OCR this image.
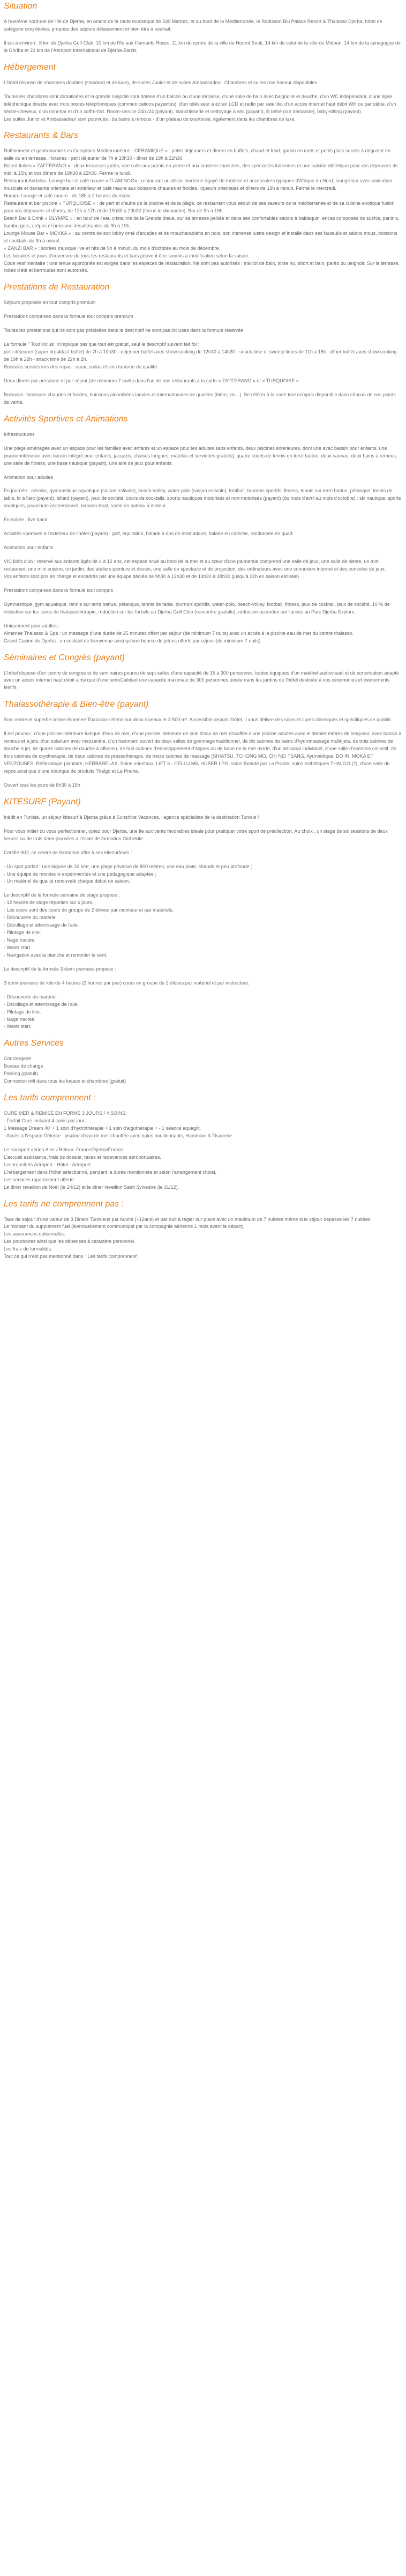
Situation

A l'extrême nord-est de l'île de Djerba, en amont de la route touristique de Sidi Mahrez, et au bord de la Méditerranée, le Radisson Blu Palace Resort & Thalasso Djerba, hôtel de catégorie cinq étoiles, propose des séjours délassement et bien être à souhait.

Il est à environ : 8 km du Djerba Golf Club, 10 km de l'île aux Flamants Roses, 11 km du centre de la ville de Houmt Souk, 14 km de celui de la ville de Midoun, 14 km de la synagogue de la Ghriba et 22 km de l'Aéroport International de Djerba-Zarzis

Hébergement

L'hôtel dispose de chambres doubles (standard et de luxe), de suites Junior et de suites Ambassadeur. Chambres et suites non fumeur disponibles.

Toutes les chambres sont climatisées et la grande majorité sont dotées d'un balcon ou d'une terrasse, d'une salle de bain avec baignoire et douche, d'un WC indépendant, d'une ligne téléphonique directe avec trois postes téléphoniques (communications payantes), d'un téléviseur à écran LCD et radio par satellite, d'un accès internet haut débit Wifi ou par câble, d'un sèche-cheveux, d'un mini-bar et d'un coffre-fort. Room-service 24h /24 (payant), blanchisserie et nettoyage à sec (payant), lit bébé (sur demande), baby-sitting (payant).
Les suites Junior et Ambassadeur sont pourvues : de bains à remous - d'un plateau de courtoisie, également dans les chambres de luxe.

Restaurants & Bars

Raffinement et gastronomie Les Comptoirs Méditerranéens - CERAMIQUE » : petits déjeuners et dîners en buffets, chaud et froid, garnis en mets et petits plats sucrés à déguster en salle ou en terrasse. Horaires : petit déjeuner de 7h à 10h30 - dîner de 19h à 22h30.
Bistrot Italien « ZAFFERANO » : deux terrasses jardin, une salle aux parois en pierre et aux lumières tamisées, des spécialités italiennes et une cuisine diététique pour vos déjeuners de midi à 15h, et vos dîners de 19h30 à 22h30. Fermé le lundi.
Restaurant Andalou, Lounge bar et café maure « FLAMINGO» : restaurant au décor moderne égayé de mobilier et accessoires typiques d'Afrique du Nord, lounge bar avec animation musicale et dansante orientale en extérieur et café maure aux boissons chaudes et froides, liqueurs orientales et dîners de 19h à minuit. Fermé le mercredi.
Horaire Lounge et café maure : de 18h à 2 heures du matin.
Restaurant et bar piscine « TURQUOISE » : de part et d'autre de la piscine et de la plage, ce restaurant vous séduit de ses saveurs de la méditerranée et de sa cuisine exotique fusion pour vos déjeuners et dîners, de 12h à 17h et de 19h30 à 23h30 (fermé le dimanche). Bar de 9h à 19h.
Beach Bar & Drink « OLYMPE » : en bout de l'eau cristalline de la Grande bleue, sur sa terrasse pelliée et dans ses confortables salons à baldaquin, encas composés de sushis, paninis, hamburgers, crêpes et boissons désaltérantes de 9h à 19h.
Lounge Mouse Bar « MOKKA » : au centre de son lobby orné d'arcades et de moucharabiehs en bois, son immense lustre design et installé dans ses fauteuils et salons mous, boissons et cocktails de 9h à minuit.
« ZANZI BAR » : soirées musique live et hits de 9h à minuit, du mois d'octobre au mois de décembre.
Les horaires et jours d'ouverture de tous les restaurants et bars peuvent être soumis à modification selon la saison.
Code vestimentaire : une tenue appropriée est exigée dans les espaces de restauration. Ne sont pas autorisés : maillot de bain, torse nu, short et bain, paréo ou peignoir. Sur la terrasse, robes d'été et bermudas sont autorisés.

Prestations de Restauration

Séjours proposés en tout compris premium

Prestations comprises dans la formule tout compris premium

Toutes les prestations qui ne sont pas précisées dans le descriptif ne sont pas incluses dans la formule réservée.

La formule " Tout inclus" n'implique pas que tout est gratuit, seul le descriptif suivant fait foi :
petit-déjeuner (super breakfast buffet) de 7h à 10h30 - déjeuner buffet avec show cooking de 12h30 à 14h30 - snack time et sweety times de 11h à 18h - dîner buffet avec show cooking de 19h à 22h - snack time de 22h à 2h.
Boissons servies lors des repas : eaux, sodas et vins tunisien de qualité.

Deux dîners par personne et par séjour (de minimum 7 nuits) dans l'un de nos restaurants à la carte « ZAFFERANO » et « TURQUOISE ».

Boissons : boissons chaudes et froides, boissons alcoolisées locales et internationales de qualités (bière, vin...). Se référer à la carte tout compris disponible dans chacun de nos points de vente.

Activités Sportives et Animations

Infrastructures

Une plage aménagée avec un espace pour les familles avec enfants et un espace pour les adultes sans enfants, deux piscines extérieures, dont une avec bassin pour enfants, une piscine intérieure avec bassin intégré pour enfants, jacuzzis, chaises longues, matelas et serviettes gratuits), quatre courts de tennis en terre battue, deux saunas, deux bains à remous, une salle de fitness, une base nautique (payant), une aire de jeux pour enfants.

Animation pour adultes

En journée : aérobic, gymnastique aquatique (saison estivale), beach-volley, water-polo (saison estivale), football, tournois sportifs, fitness, tennis sur terre battue, pétanque, tennis de table, tir à l'arc (payant), billard (payant), jeux de société, cours de cocktails, sports nautiques motorisés et non-motorisés (payant) (du mois d'avril au mois d'octobre) : ski nautique, sports nautiques, parachute ascensionnel, banana-boat, sortie en bateau à moteur.

En soirée : live band

Activités sportives à l'extérieur de l'hôtel (payant) : golf, équitation, balade à dos de dromadaire, balade en calèche, randonnée en quad.

Animation pour enfants

VIC kid's club : réservé aux enfants âgés de 4 à 12 ans, cet espace situé au bord de la mer et au cœur d'une palmeraie comprend une salle de jeux, une salle de sieste, un mini restaurant, une mini cuisine, un jardin, des ateliers peinture et dessin, une salle de spectacle et de projection, des ordinateurs avec une connexion internet et des consoles de jeux.
Vos enfants sont pris en charge et encadrés par une équipe dédiée de 9h30 à 12h30 et de 14h30 à 18h30 (jusqu'à 22h en saison estivale).

Prestations comprises dans la formule tout compris

Gymnastique, gym aquatique, tennis sur terre battue, pétanque, tennis de table, tournois sportifs, water-polo, beach-volley, football, fitness, jeux de cocktail, jeux de société, 10 % de réduction sur les cures de thalassothérapie, réduction sur les forfaits au Djerba Golf Club (rencontre gratuite), réduction accordée sur l'accès au Parc Djerba Explore.

Uniquement pour adultes :
Almenee Thalasso & Spa : un massage d'une durée de 25 minutes offert par séjour (de minimum 7 nuits) avec un accès à la piscine eau de mer du centre thalasso.
Grand Casino de Djerba : un cocktail de bienvenue ainsi qu'une bourse de jetons offerts par séjour (de minimum 7 nuits)

Séminaires et Congrès (payant)

L'hôtel dispose d'un centre de congrès et de séminaires pourvu de sept salles d'une capacité de 15 à 300 personnes, toutes équipées d'un matériel audiovisuel et de sonorisation adapté avec un accès internet haut débit ainsi que d'une tenteCalidiad une capacité maximale de 300 personnes posée dans les jardins de l'hôtel destinée à vos cérémonies et événements festifs.

Thalassothérapie & Bien-être (payant)

Son centre et superbe centre Almenee Thalasso s'étend sur deux niveaux et 3 500 m². Accessible depuis l'hôtel, il vous délivre des soins et cures classiques et spécifiques de qualité.

Il est pourvu : d'une piscine intérieure ludique d'eau de mer, d'une piscine intérieure de soin d'eau de mer chauffée d'une piscine adultes avec le dernier mètres de longueur, avec bassin à remous et à jets, d'un solarium avec mezzanine, d'un hammam ouvert de deux salles de gommage traditionnel, de dix cabines de bains d'hydromassage multi-jets, de trois cabines de douche à jet, de quatre cabines de douche à affusion, de huit cabines d'enveloppement d'algues ou de boue de la mer morte, d'un artisanal individuel, d'une salle d'exercice collectif, de trois cabines de cryothérapie, de deux cabines de pressothérapie, de treize cabines de massage (SHIATSU, TCHONG MO, CHI NEI TSANG, Ayurvédique, DO IN, MOKA ET VENTOUSES, Réflexologie plantaire, HERBARELAX, Soins orientaux, LIFT 6 - CELLU M6, HUBER LPG, soins Beauté par La Prairie, soins esthétiques THALGO (2), d'une salle de repos ainsi que d'une boutique de produits Thalgo et La Prairie.

Ouvert tous les jours de 8h30 à 19h

KITESURF (Payant)

Inédit en Tunisie, un séjour kitesurf à Djerba grâce à Sunshine Vacances, l'agence spécialiste de la destination Tunisie !

Pour vous initier ou vous perfectionner, optez pour Djerba, une île aux vents favorables idéale pour pratiquer votre sport de prédilection. Au choix , un stage de six sessions de deux heures ou de trois demi-journées à l'école de formation Globekite.

Certifié IKO, ce centre de formation offre à ses kitesurfeurs :

- Un spot parfait : une lagune de 32 km², une plage privative de 800 mètres, une eau plate, chaude et peu profonde ;
- Une équipe de moniteurs expérimentés et une pédagogique adaptée ;
- Un matériel de qualité renouvelé chaque début de saison.

Le descriptif de la formule semaine de stage propose :
- 12 heures de stage réparties sur 6 jours.
- Les cours sont des cours de groupe de 2 élèves par moniteur et par matériels.
- Découverte du matériel.
- Décollage et atterrissage de l'aile.
- Pilotage de kite.
- Nage tractée.
- Water start.
- Navigation avec la planche et remonter le vent.

Le descriptif de la formule 3 demi journées propose :

3 demi-journées de kite de 4 heures (2 heures par jour) cours en groupe de 2 élèves par matériel et par instructeur.

- Découverte du matériel.
- Décollage et atterrissage de l'aile.
- Pilotage de kite.
- Nage tractée.
- Water start.

Autres Services

Conciergerie
Bureau de change
Parking (gratuit)
Connexion wifi dans tous les locaux et chambres (gratuit)

Les tarifs comprennent :

CURE MER & REMISE EN FORME 3 JOURS / 4 SOINS:
- Forfait Cure incluant 4 soins par jour :
1 Massage Dream 40' + 1 soin d'hydrothérapie + 1 soin d'algothérapie + - 1 séance aquagilt.
- Accès à l'espace Détente : piscine d'eau de mer chauffée avec bains bouillonnants, Hammam & Tisanerie

Le transport aérien Aller / Retour  France/Djerba/France.
L'accueil assistance, frais de dossier, taxes et redevances aéroportuaires.
Les transferts Aéroport - Hôtel - Aéroport.
L'hébergement dans l'hôtel sélectionné, pendant la durée mentionnée et selon l'arrangement choisi.
Les services rapatriement offerte.
Le dîner réveillon de Noël (le 24/12) et le dîner réveillon Saint Sylvestre (le 31/12).

Les tarifs ne comprennent pas :

Taxe de séjour d'une valeur de 3 Dinars Tunisiens par Adulte (+12ans) et par nuit à régler sur place avec un maximum de 7 nuitées même si le séjour dépasse les 7 nuitées.
Le montant du supplément fuel (éventuellement communiqué par la compagnie aérienne 1 mois avant le départ).
Les assurances optionnelles.
Les pourboires ainsi que les dépenses à caractère personnel.
Les frais de formalités.
Tout ce qui n'est pas mentionné dans " Les tarifs comprennent".
